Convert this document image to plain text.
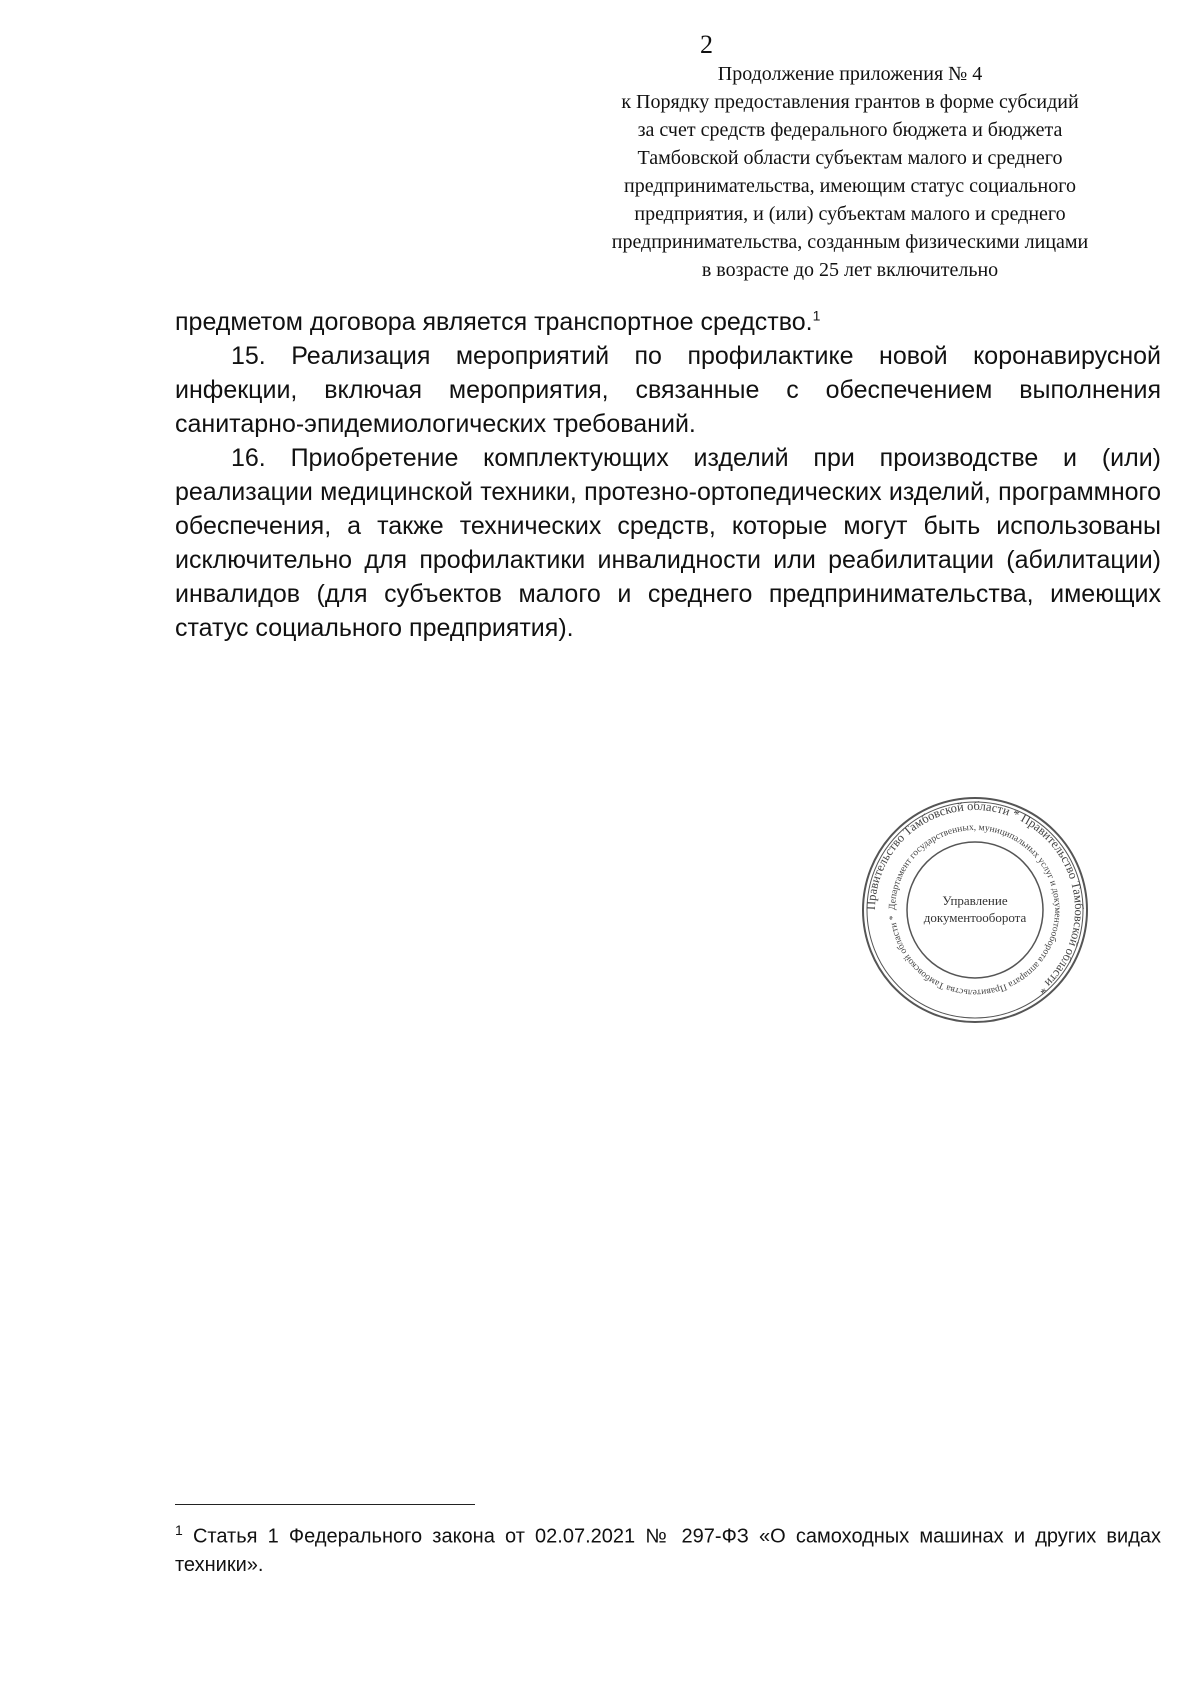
2
Продолжение приложения № 4
к Порядку предоставления грантов в форме субсидий
за счет средств федерального бюджета и бюджета
Тамбовской области субъектам малого и среднего
предпринимательства, имеющим статус социального
предприятия, и (или) субъектам малого и среднего
предпринимательства, созданным физическими лицами
в возрасте до 25 лет включительно

предметом договора является транспортное средство.$^1$

15. Реализация мероприятий по профилактике новой коронавирусной инфекции, включая мероприятия, связанные с обеспечением выполнения санитарно-эпидемиологических требований.

16. Приобретение комплектующих изделий при производстве и (или) реализации медицинской техники, протезно-ортопедических изделий, программного обеспечения, а также технических средств, которые могут быть использованы исключительно для профилактики инвалидности или реабилитации (абилитации) инвалидов (для субъектов малого и среднего предпринимательства, имеющих статус социального предприятия).

Правительство Тамбовской области * Правительство Тамбовской области *
Департамент государственных, муниципальных услуг и документооборота аппарата Правительства Тамбовской области *
Управление
документооборота
$^1$ Статья 1 Федерального закона от 02.07.2021 № 297-ФЗ «О самоходных машинах и других видах техники».
